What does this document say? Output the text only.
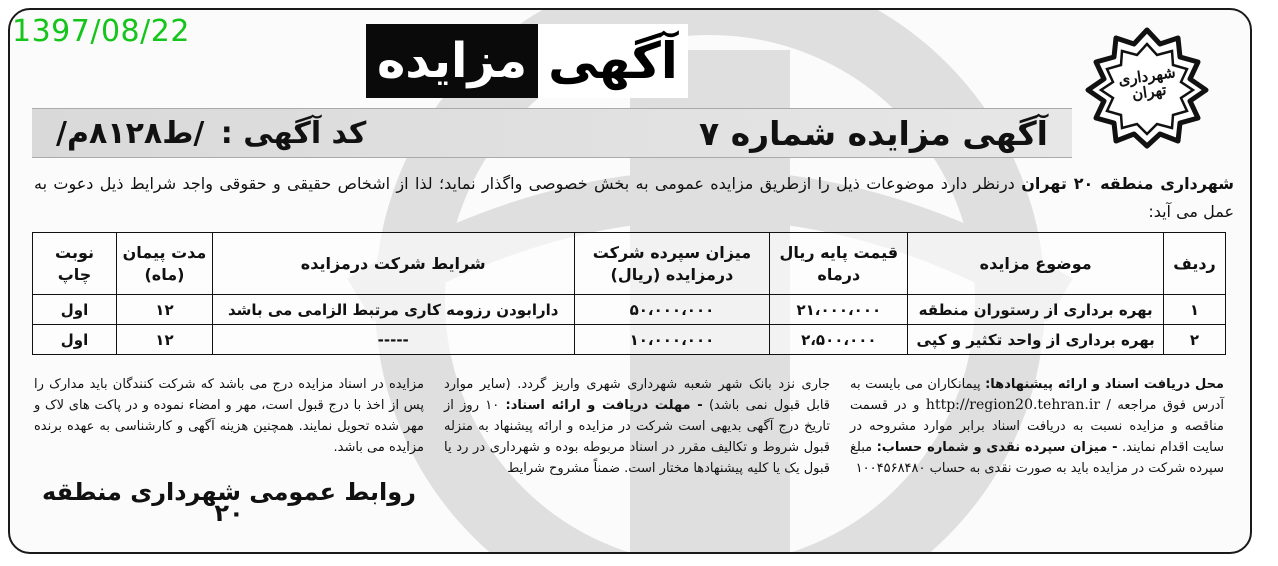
1397/08/22
شهرداری تهران
آگهی
مزایده
آگهی مزایده شماره ۷
کد آگهی : /ط۸۱۲۸م/
شهرداری منطقه ۲۰ تهران درنظر دارد موضوعات ذیل را ازطریق مزایده عمومی به بخش خصوصی واگذار نماید؛ لذا از اشخاص حقیقی و حقوقی واجد شرایط ذیل دعوت به عمل می آید:
ردیف	موضوع مزایده	قیمت پایه ریال درماه	میزان سپرده شرکت درمزایده (ریال)	شرایط شرکت درمزایده	مدت پیمان (ماه)	نوبت چاپ
۱	بهره برداری از رستوران منطقه	۲۱،۰۰۰،۰۰۰	۵۰،۰۰۰،۰۰۰	دارابودن رزومه کاری مرتبط الزامی می باشد	۱۲	اول
۲	بهره برداری از واحد تکثیر و کپی	۲،۵۰۰،۰۰۰	۱۰،۰۰۰،۰۰۰	-----	۱۲	اول
محل دریافت اسناد و ارائه پیشنهادها: پیمانکاران می بایست به آدرس فوق مراجعه / http://region20.tehran.ir و در قسمت مناقصه و مزایده نسبت به دریافت اسناد برابر موارد مشروحه در سایت اقدام نمایند. - میزان سپرده نقدی و شماره حساب: مبلغ سپرده شرکت در مزایده باید به صورت نقدی به حساب ۱۰۰۴۵۶۸۴۸۰
جاری نزد بانک شهر شعبه شهرداری شهری واریز گردد. (سایر موارد قابل قبول نمی باشد) - مهلت دریافت و ارائه اسناد: ۱۰ روز از تاریخ درج آگهی بدیهی است شرکت در مزایده و ارائه پیشنهاد به منزله قبول شروط و تکالیف مقرر در اسناد مربوطه بوده و شهرداری در رد یا قبول یک یا کلیه پیشنهادها مختار است. ضمناً مشروح شرایط
مزایده در اسناد مزایده درج می باشد که شرکت کنندگان باید مدارک را پس از اخذ با درج قبول است، مهر و امضاء نموده و در پاکت های لاک و مهر شده تحویل نمایند. همچنین هزینه آگهی و کارشناسی به عهده برنده مزایده می باشد.
روابط عمومی شهرداری منطقه ۲۰
